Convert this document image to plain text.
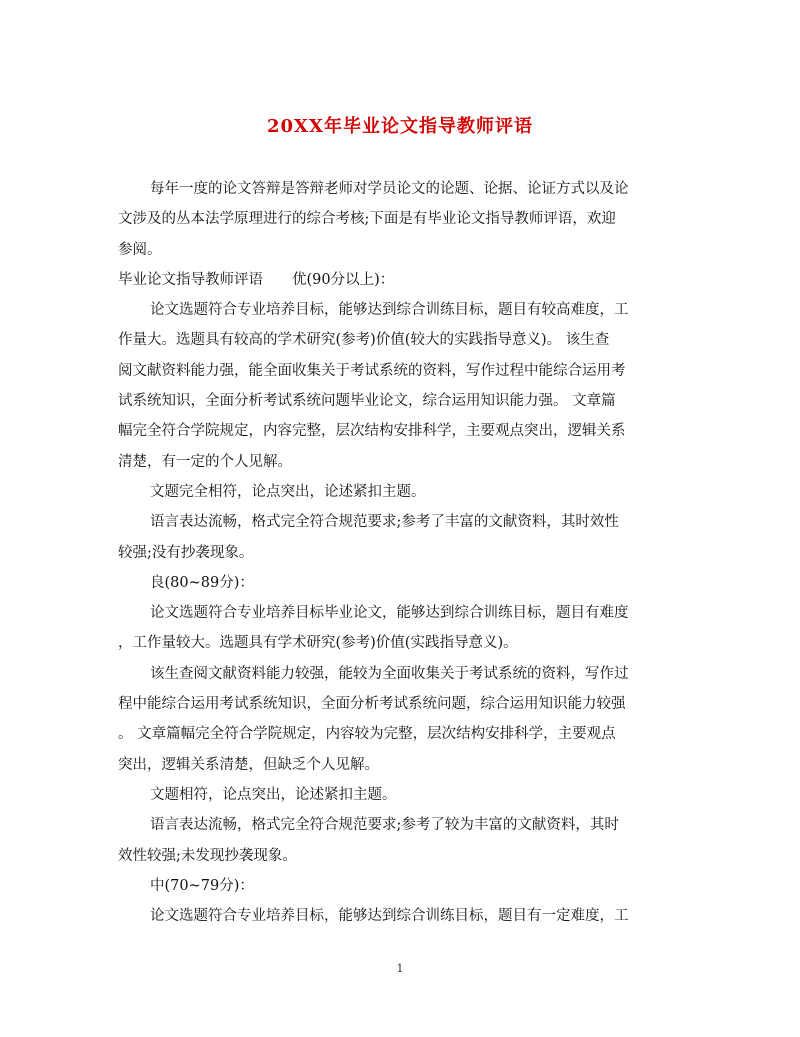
20XX年毕业论文指导教师评语

每年一度的论文答辩是答辩老师对学员论文的论题、论据、论证方式以及论

文涉及的丛本法学原理进行的综合考核;下面是有毕业论文指导教师评语，欢迎

参阅。

毕业论文指导教师评语　　优(90分以上)：

论文选题符合专业培养目标，能够达到综合训练目标，题目有较高难度，工

作量大。选题具有较高的学术研究(参考)价值(较大的实践指导意义)。 该生查

阅文献资料能力强，能全面收集关于考试系统的资料，写作过程中能综合运用考

试系统知识，全面分析考试系统问题毕业论文，综合运用知识能力强。 文章篇

幅完全符合学院规定，内容完整，层次结构安排科学，主要观点突出，逻辑关系

清楚，有一定的个人见解。

文题完全相符，论点突出，论述紧扣主题。

语言表达流畅，格式完全符合规范要求;参考了丰富的文献资料，其时效性

较强;没有抄袭现象。

良(80~89分)：

论文选题符合专业培养目标毕业论文，能够达到综合训练目标，题目有难度

，工作量较大。选题具有学术研究(参考)价值(实践指导意义)。

该生查阅文献资料能力较强，能较为全面收集关于考试系统的资料，写作过

程中能综合运用考试系统知识，全面分析考试系统问题，综合运用知识能力较强

。 文章篇幅完全符合学院规定，内容较为完整，层次结构安排科学，主要观点

突出，逻辑关系清楚，但缺乏个人见解。

文题相符，论点突出，论述紧扣主题。

语言表达流畅，格式完全符合规范要求;参考了较为丰富的文献资料，其时

效性较强;未发现抄袭现象。

中(70~79分)：

论文选题符合专业培养目标，能够达到综合训练目标，题目有一定难度，工

1
